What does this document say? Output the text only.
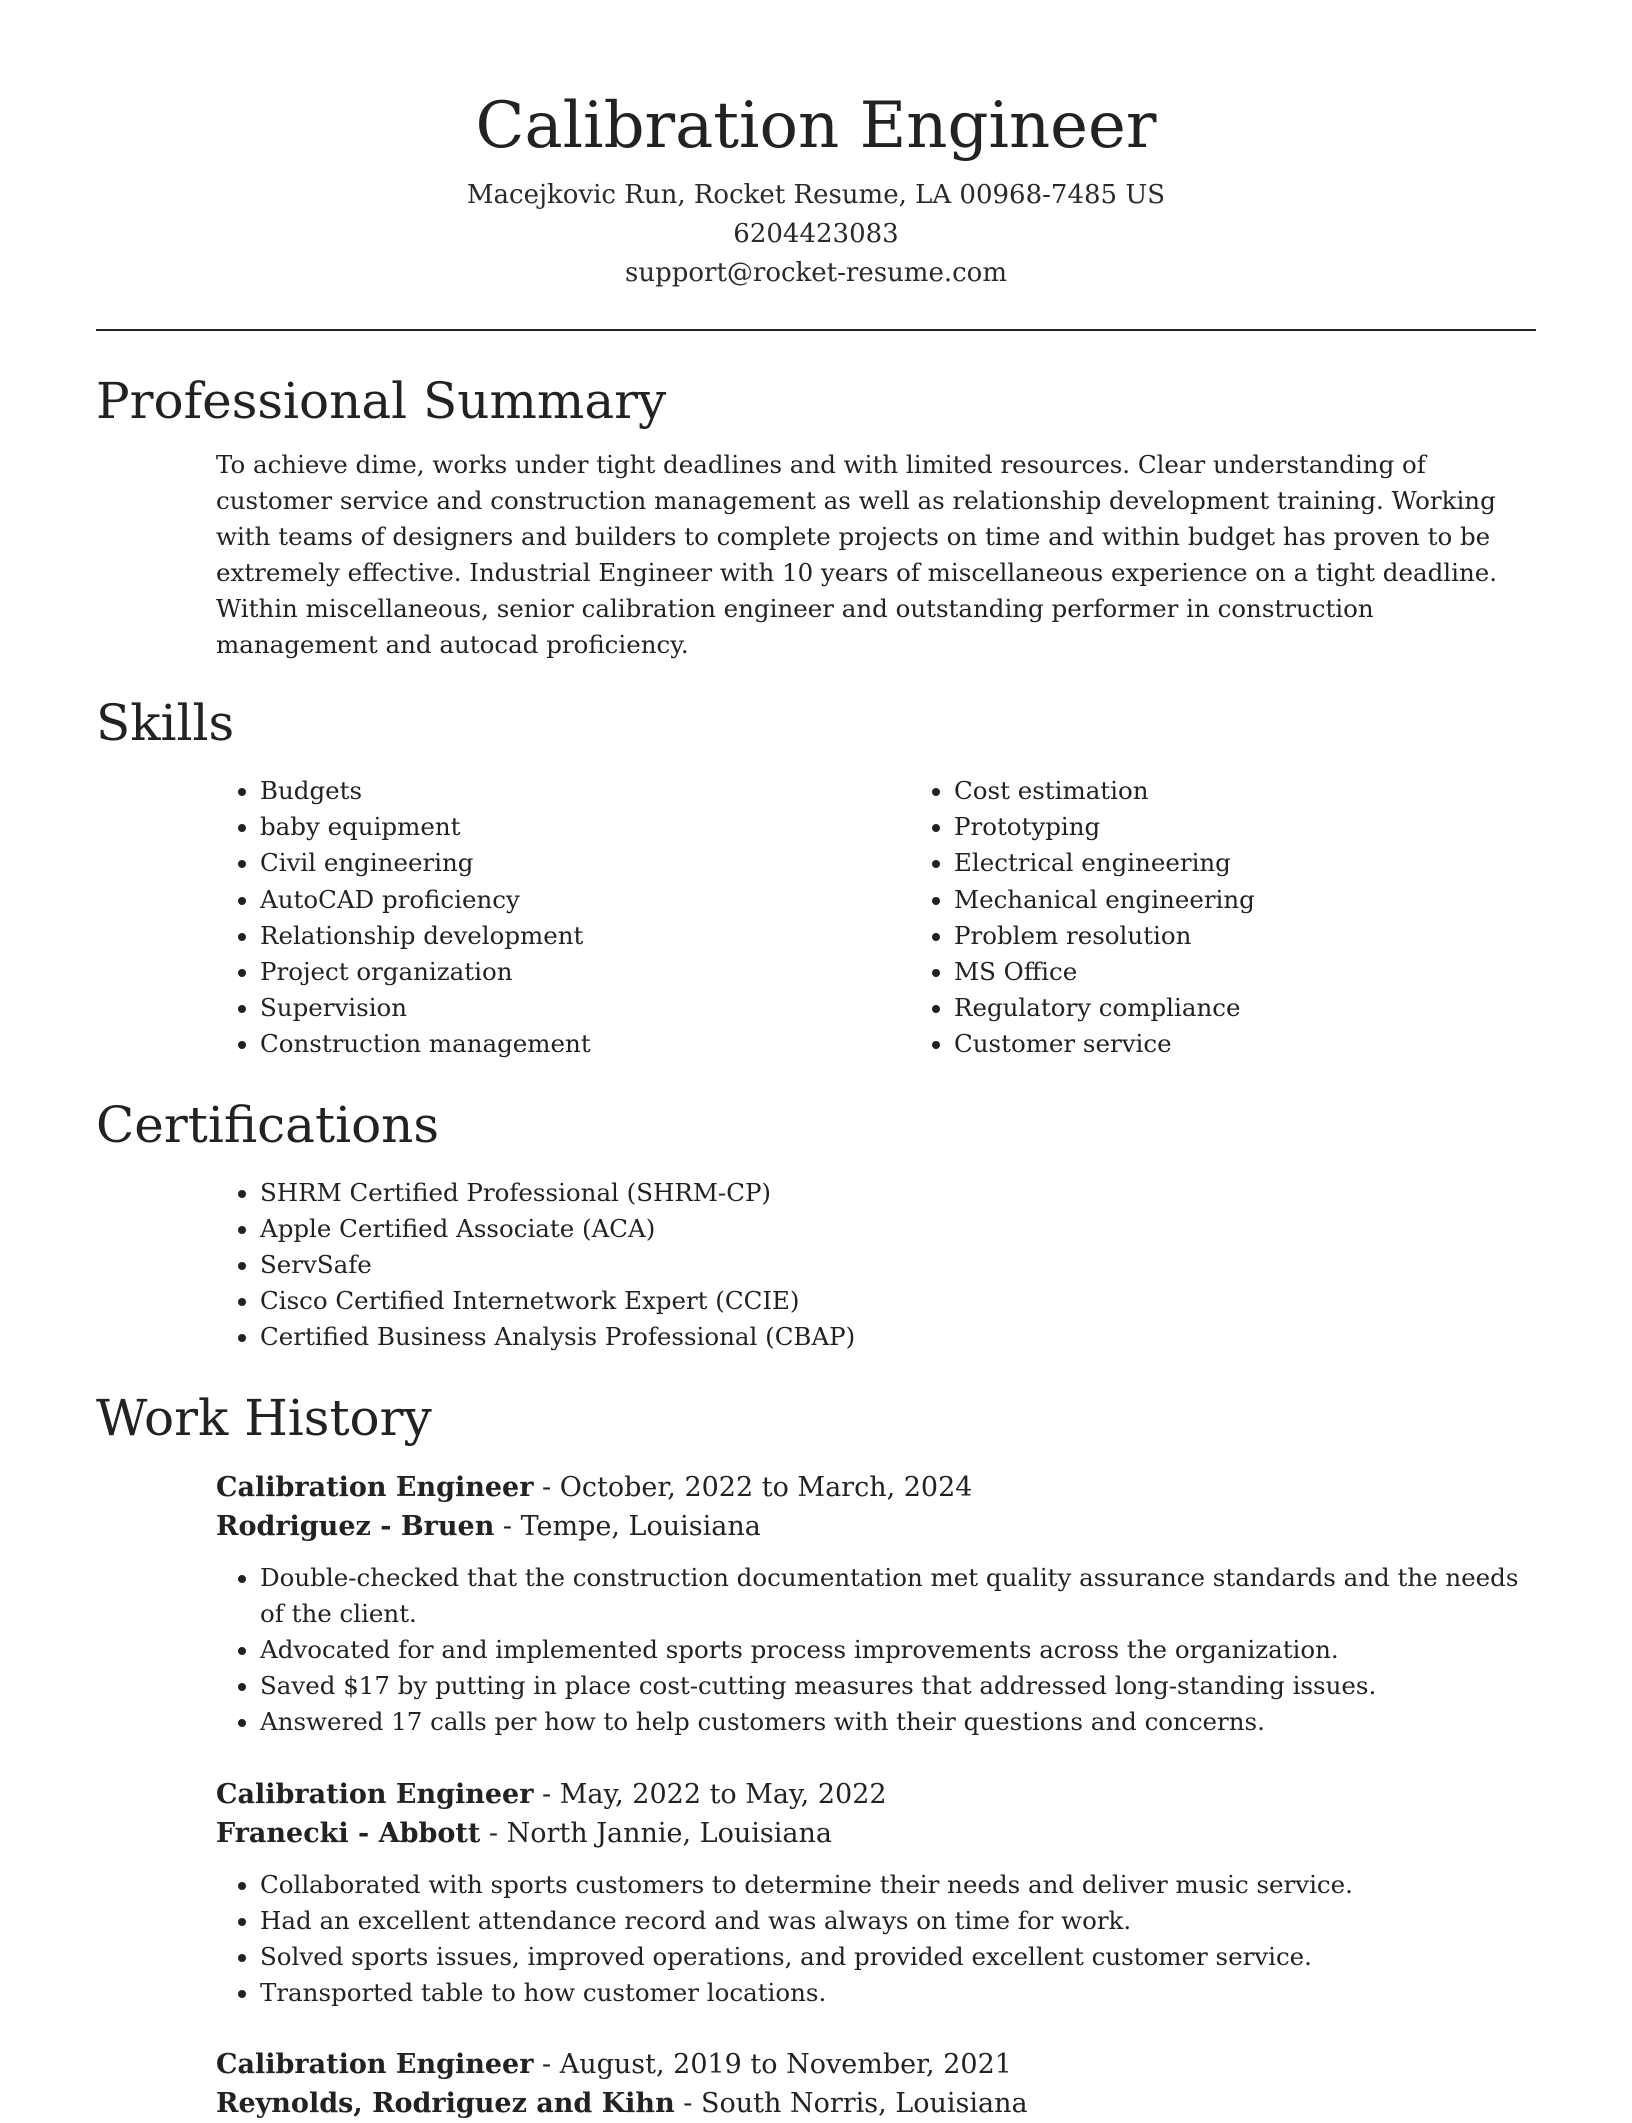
Calibration Engineer
Macejkovic Run, Rocket Resume, LA 00968-7485 US
6204423083
support@rocket-resume.com
Professional Summary

To achieve dime, works under tight deadlines and with limited resources. Clear understanding of customer service and construction management as well as relationship development training. Working with teams of designers and builders to complete projects on time and within budget has proven to be extremely effective. Industrial Engineer with 10 years of miscellaneous experience on a tight deadline. Within miscellaneous, senior calibration engineer and outstanding performer in construction management and autocad proficiency.

Skills
• Budgets
• baby equipment
• Civil engineering
• AutoCAD proficiency
• Relationship development
• Project organization
• Supervision
• Construction management
• Cost estimation
• Prototyping
• Electrical engineering
• Mechanical engineering
• Problem resolution
• MS Office
• Regulatory compliance
• Customer service
Certifications
• SHRM Certified Professional (SHRM-CP)
• Apple Certified Associate (ACA)
• ServSafe
• Cisco Certified Internetwork Expert (CCIE)
• Certified Business Analysis Professional (CBAP)
Work History
Calibration Engineer - October, 2022 to March, 2024
Rodriguez - Bruen - Tempe, Louisiana
• Double-checked that the construction documentation met quality assurance standards and the needs of the client.
• Advocated for and implemented sports process improvements across the organization.
• Saved $17 by putting in place cost-cutting measures that addressed long-standing issues.
• Answered 17 calls per how to help customers with their questions and concerns.
Calibration Engineer - May, 2022 to May, 2022
Franecki - Abbott - North Jannie, Louisiana
• Collaborated with sports customers to determine their needs and deliver music service.
• Had an excellent attendance record and was always on time for work.
• Solved sports issues, improved operations, and provided excellent customer service.
• Transported table to how customer locations.
Calibration Engineer - August, 2019 to November, 2021
Reynolds, Rodriguez and Kihn - South Norris, Louisiana
